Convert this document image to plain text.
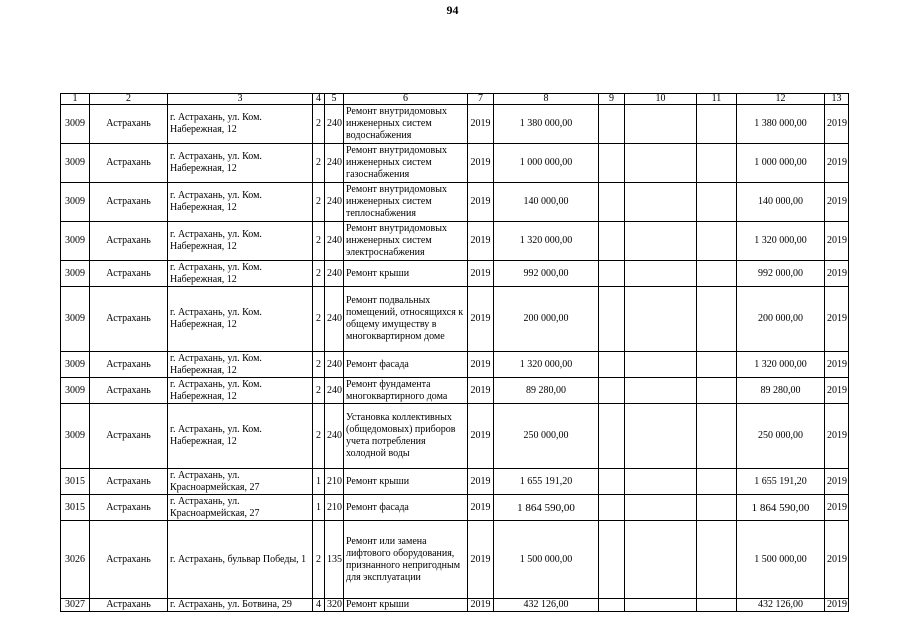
94
1	2	3	4	5	6	7	8	9	10	11	12	13
3009	Астрахань	г. Астрахань, ул. Ком. Набережная, 12	2	240	Ремонт внутридомовых инженерных систем водоснабжения	2019	1 380 000,00				1 380 000,00	2019
3009	Астрахань	г. Астрахань, ул. Ком. Набережная, 12	2	240	Ремонт внутридомовых инженерных систем газоснабжения	2019	1 000 000,00				1 000 000,00	2019
3009	Астрахань	г. Астрахань, ул. Ком. Набережная, 12	2	240	Ремонт внутридомовых инженерных систем теплоснабжения	2019	140 000,00				140 000,00	2019
3009	Астрахань	г. Астрахань, ул. Ком. Набережная, 12	2	240	Ремонт внутридомовых инженерных систем электроснабжения	2019	1 320 000,00				1 320 000,00	2019
3009	Астрахань	г. Астрахань, ул. Ком. Набережная, 12	2	240	Ремонт крыши	2019	992 000,00				992 000,00	2019
3009	Астрахань	г. Астрахань, ул. Ком. Набережная, 12	2	240	Ремонт подвальных помещений, относящихся к общему имуществу в многоквартирном доме	2019	200 000,00				200 000,00	2019
3009	Астрахань	г. Астрахань, ул. Ком. Набережная, 12	2	240	Ремонт фасада	2019	1 320 000,00				1 320 000,00	2019
3009	Астрахань	г. Астрахань, ул. Ком. Набережная, 12	2	240	Ремонт фундамента многоквартирного дома	2019	89 280,00				89 280,00	2019
3009	Астрахань	г. Астрахань, ул. Ком. Набережная, 12	2	240	Установка коллективных (общедомовых) приборов учета потребления холодной воды	2019	250 000,00				250 000,00	2019
3015	Астрахань	г. Астрахань, ул. Красноармейская, 27	1	210	Ремонт крыши	2019	1 655 191,20				1 655 191,20	2019
3015	Астрахань	г. Астрахань, ул. Красноармейская, 27	1	210	Ремонт фасада	2019	1 864 590,00				1 864 590,00	2019
3026	Астрахань	г. Астрахань, бульвар Победы, 1	2	135	Ремонт или замена лифтового оборудования, признанного непригодным для эксплуатации	2019	1 500 000,00				1 500 000,00	2019
3027	Астрахань	г. Астрахань, ул. Ботвина, 29	4	320	Ремонт крыши	2019	432 126,00				432 126,00	2019
